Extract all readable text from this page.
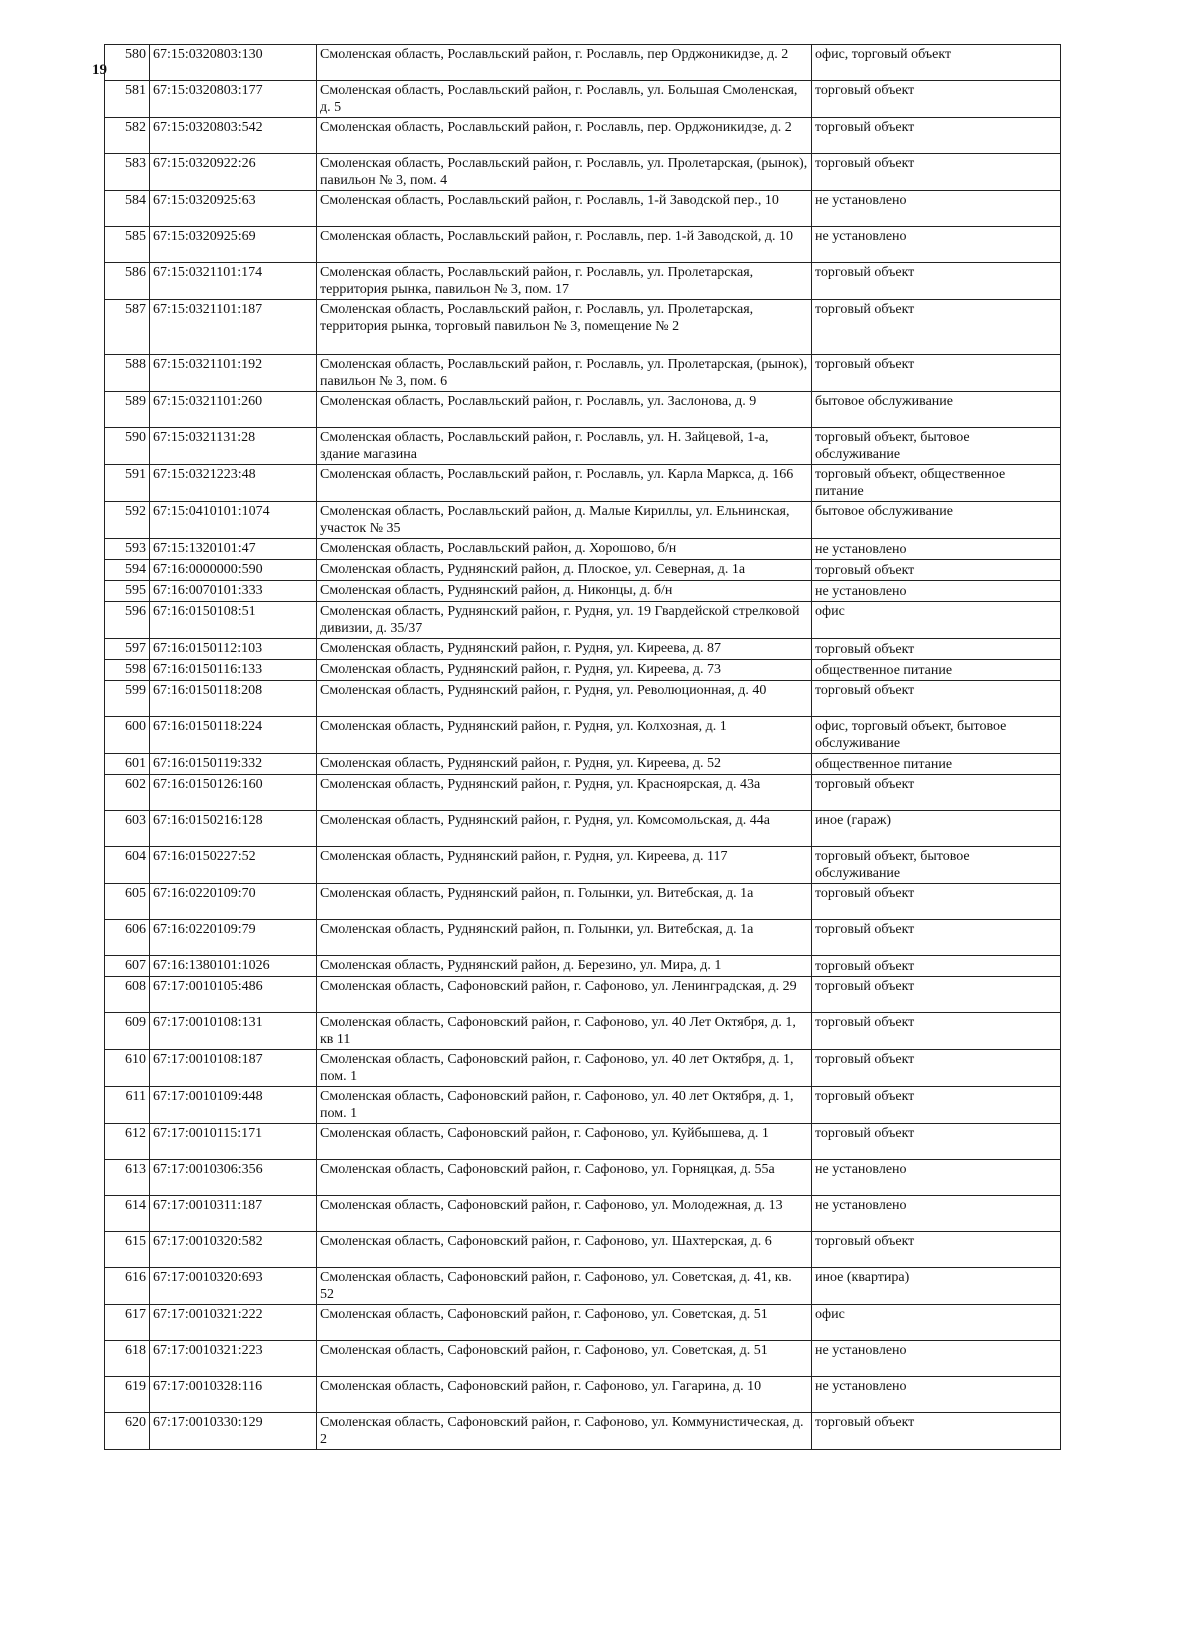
19
580	67:15:0320803:130	Смоленская область, Рославльский район, г. Рославль, пер Орджоникидзе, д. 2	офис, торговый объект
581	67:15:0320803:177	Смоленская область, Рославльский район, г. Рославль, ул. Большая Смоленская, д. 5	торговый объект
582	67:15:0320803:542	Смоленская область, Рославльский район, г. Рославль, пер. Орджоникидзе, д. 2	торговый объект
583	67:15:0320922:26	Смоленская область, Рославльский район, г. Рославль, ул. Пролетарская, (рынок), павильон № 3, пом. 4	торговый объект
584	67:15:0320925:63	Смоленская область, Рославльский район, г. Рославль, 1-й Заводской пер., 10	не установлено
585	67:15:0320925:69	Смоленская область, Рославльский район, г. Рославль, пер. 1-й Заводской, д. 10	не установлено
586	67:15:0321101:174	Смоленская область, Рославльский район, г. Рославль, ул. Пролетарская, территория рынка, павильон № 3, пом. 17	торговый объект
587	67:15:0321101:187	Смоленская область, Рославльский район, г. Рославль, ул. Пролетарская, территория рынка, торговый павильон № 3, помещение № 2	торговый объект
588	67:15:0321101:192	Смоленская область, Рославльский район, г. Рославль, ул. Пролетарская, (рынок), павильон № 3, пом. 6	торговый объект
589	67:15:0321101:260	Смоленская область, Рославльский район, г. Рославль, ул. Заслонова, д. 9	бытовое обслуживание
590	67:15:0321131:28	Смоленская область, Рославльский район, г. Рославль, ул. Н. Зайцевой, 1-а, здание магазина	торговый объект, бытовое обслуживание
591	67:15:0321223:48	Смоленская область, Рославльский район, г. Рославль, ул. Карла Маркса, д. 166	торговый объект, общественное питание
592	67:15:0410101:1074	Смоленская область, Рославльский район, д. Малые Кириллы, ул. Ельнинская, участок № 35	бытовое обслуживание
593	67:15:1320101:47	Смоленская область, Рославльский район, д. Хорошово, б/н	не установлено
594	67:16:0000000:590	Смоленская область, Руднянский район, д. Плоское, ул. Северная, д. 1а	торговый объект
595	67:16:0070101:333	Смоленская область, Руднянский район, д. Никонцы, д. б/н	не установлено
596	67:16:0150108:51	Смоленская область, Руднянский район, г. Рудня, ул. 19 Гвардейской стрелковой дивизии, д. 35/37	офис
597	67:16:0150112:103	Смоленская область, Руднянский район, г. Рудня, ул. Киреева, д. 87	торговый объект
598	67:16:0150116:133	Смоленская область, Руднянский район, г. Рудня, ул. Киреева, д. 73	общественное питание
599	67:16:0150118:208	Смоленская область, Руднянский район, г. Рудня, ул. Революционная, д. 40	торговый объект
600	67:16:0150118:224	Смоленская область, Руднянский район, г. Рудня, ул. Колхозная, д. 1	офис, торговый объект, бытовое обслуживание
601	67:16:0150119:332	Смоленская область, Руднянский район, г. Рудня, ул. Киреева, д. 52	общественное питание
602	67:16:0150126:160	Смоленская область, Руднянский район, г. Рудня, ул. Красноярская, д. 43а	торговый объект
603	67:16:0150216:128	Смоленская область, Руднянский район, г. Рудня, ул. Комсомольская, д. 44а	иное (гараж)
604	67:16:0150227:52	Смоленская область, Руднянский район, г. Рудня, ул. Киреева, д. 117	торговый объект, бытовое обслуживание
605	67:16:0220109:70	Смоленская область, Руднянский район, п. Голынки, ул. Витебская, д. 1а	торговый объект
606	67:16:0220109:79	Смоленская область, Руднянский район, п. Голынки, ул. Витебская, д. 1а	торговый объект
607	67:16:1380101:1026	Смоленская область, Руднянский район, д. Березино, ул. Мира, д. 1	торговый объект
608	67:17:0010105:486	Смоленская область, Сафоновский район, г. Сафоново, ул. Ленинградская, д. 29	торговый объект
609	67:17:0010108:131	Смоленская область, Сафоновский район, г. Сафоново, ул. 40 Лет Октября, д. 1, кв 11	торговый объект
610	67:17:0010108:187	Смоленская область, Сафоновский район, г. Сафоново, ул. 40 лет Октября, д. 1, пом. 1	торговый объект
611	67:17:0010109:448	Смоленская область, Сафоновский район, г. Сафоново, ул. 40 лет Октября, д. 1, пом. 1	торговый объект
612	67:17:0010115:171	Смоленская область, Сафоновский район, г. Сафоново, ул. Куйбышева, д. 1	торговый объект
613	67:17:0010306:356	Смоленская область, Сафоновский район, г. Сафоново, ул. Горняцкая, д. 55а	не установлено
614	67:17:0010311:187	Смоленская область, Сафоновский район, г. Сафоново, ул. Молодежная, д. 13	не установлено
615	67:17:0010320:582	Смоленская область, Сафоновский район, г. Сафоново, ул. Шахтерская, д. 6	торговый объект
616	67:17:0010320:693	Смоленская область, Сафоновский район, г. Сафоново, ул. Советская, д. 41, кв. 52	иное (квартира)
617	67:17:0010321:222	Смоленская область, Сафоновский район, г. Сафоново, ул. Советская, д. 51	офис
618	67:17:0010321:223	Смоленская область, Сафоновский район, г. Сафоново, ул. Советская, д. 51	не установлено
619	67:17:0010328:116	Смоленская область, Сафоновский район, г. Сафоново, ул. Гагарина, д. 10	не установлено
620	67:17:0010330:129	Смоленская область, Сафоновский район, г. Сафоново, ул. Коммунистическая, д. 2	торговый объект
